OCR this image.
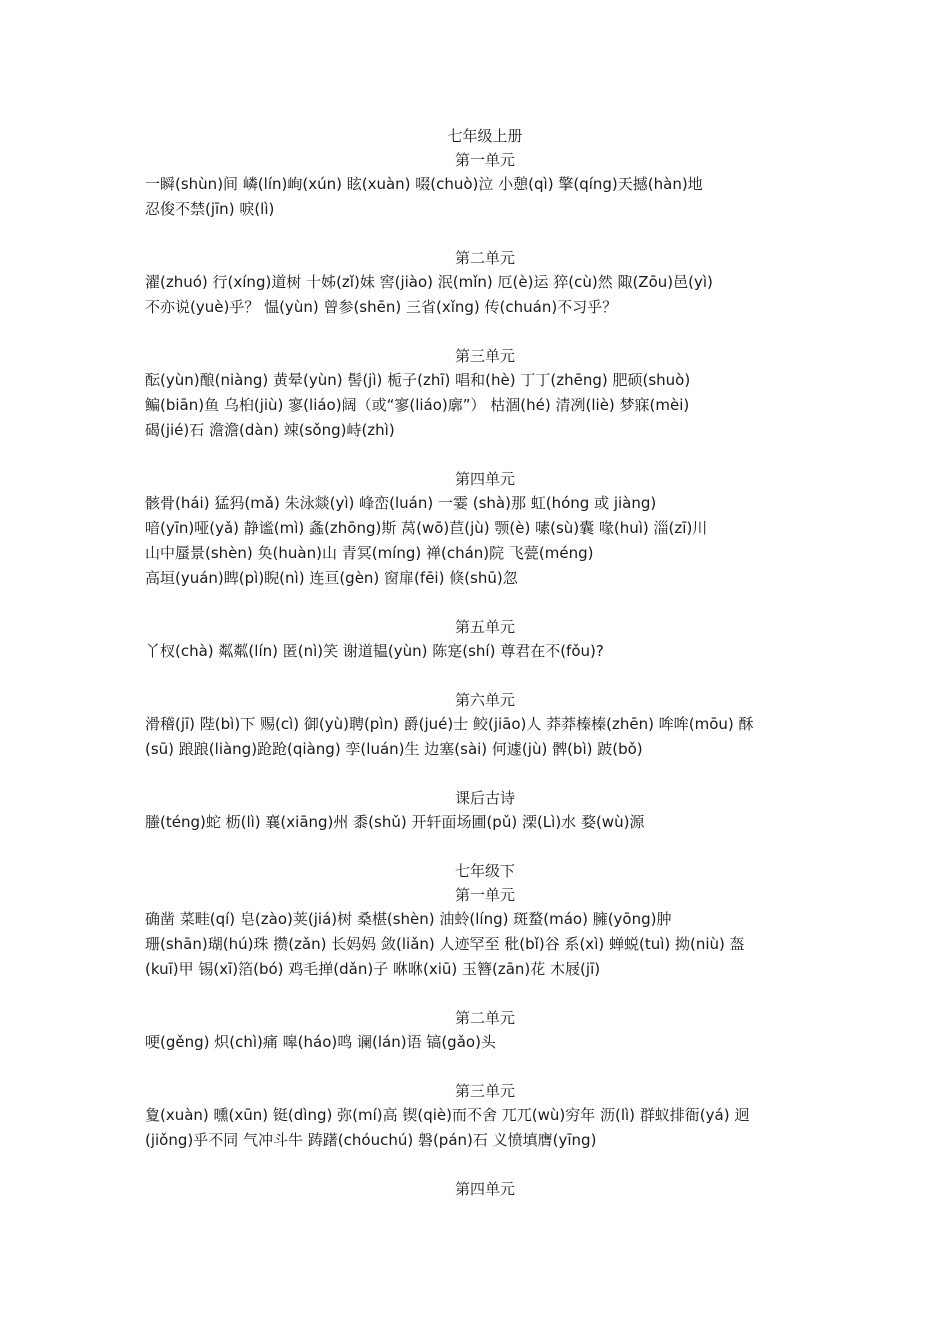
七年级上册
第一单元
一瞬(shùn)间 嶙(lín)峋(xún) 眩(xuàn) 啜(chuò)泣 小憩(qì) 擎(qíng)天撼(hàn)地
忍俊不禁(jīn) 唳(lì)
第二单元
濯(zhuó) 行(xíng)道树 十姊(zǐ)妹 窖(jiào) 泯(mǐn) 厄(è)运 猝(cù)然 陬(Zōu)邑(yì)
不亦说(yuè)乎？ 愠(yùn) 曾参(shēn) 三省(xǐng) 传(chuán)不习乎？
第三单元
酝(yùn)酿(niàng) 黄晕(yùn) 髻(jì) 栀子(zhī) 唱和(hè) 丁丁(zhēng) 肥硕(shuò)
鳊(biān)鱼 乌桕(jiù) 寥(liáo)阔（或“寥(liáo)廓”） 枯涸(hé) 清冽(liè) 梦寐(mèi)
碣(jié)石 澹澹(dàn) 竦(sǒng)峙(zhì)
第四单元
骸骨(hái) 猛犸(mǎ) 朱泳燚(yì) 峰峦(luán) 一霎 (shà)那 虹(hóng 或 jiàng)
喑(yīn)哑(yǎ) 静谧(mì) 螽(zhōng)斯 莴(wō)苣(jù) 颚(è) 嗉(sù)囊 喙(huì) 淄(zī)川
山中蜃景(shèn) 奂(huàn)山 青冥(míng) 禅(chán)院 飞甍(méng)
高垣(yuán)睥(pì)睨(nì) 连亘(gèn) 窗扉(fēi) 倏(shū)忽
第五单元
丫杈(chà) 粼粼(lín) 匿(nì)笑 谢道韫(yùn) 陈寔(shí) 尊君在不(fǒu)?
第六单元
滑稽(jī) 陛(bì)下 赐(cì) 御(yù)聘(pìn) 爵(jué)士 鲛(jiāo)人 莽莽榛榛(zhēn) 哞哞(mōu) 酥
(sū) 踉踉(liàng)跄跄(qiàng) 孪(luán)生 边塞(sài) 何遽(jù) 髀(bì) 跛(bǒ)
课后古诗
螣(téng)蛇 枥(lì) 襄(xiāng)州 黍(shǔ) 开轩面场圃(pǔ) 溧(Lì)水 婺(wù)源
七年级下
第一单元
确凿 菜畦(qí) 皂(zào)荚(jiá)树 桑椹(shèn) 油蛉(líng) 斑蝥(máo) 臃(yōng)肿
珊(shān)瑚(hú)珠 攒(zǎn) 长妈妈 敛(liǎn) 人迹罕至 秕(bǐ)谷 系(xì) 蝉蜕(tuì) 拗(niù) 盔
(kuī)甲 锡(xī)箔(bó) 鸡毛掸(dǎn)子 咻咻(xiū) 玉簪(zān)花 木屐(jī)
第二单元
哽(gěng) 炽(chì)痛 嗥(háo)鸣 谰(lán)语 镐(gǎo)头
第三单元
夐(xuàn) 曛(xūn) 铤(dìng) 弥(mí)高 锲(qiè)而不舍 兀兀(wù)穷年 沥(lì) 群蚁排衙(yá) 迥
(jiǒng)乎不同 气冲斗牛 踌躇(chóuchú) 磐(pán)石 义愤填膺(yīng)
第四单元
